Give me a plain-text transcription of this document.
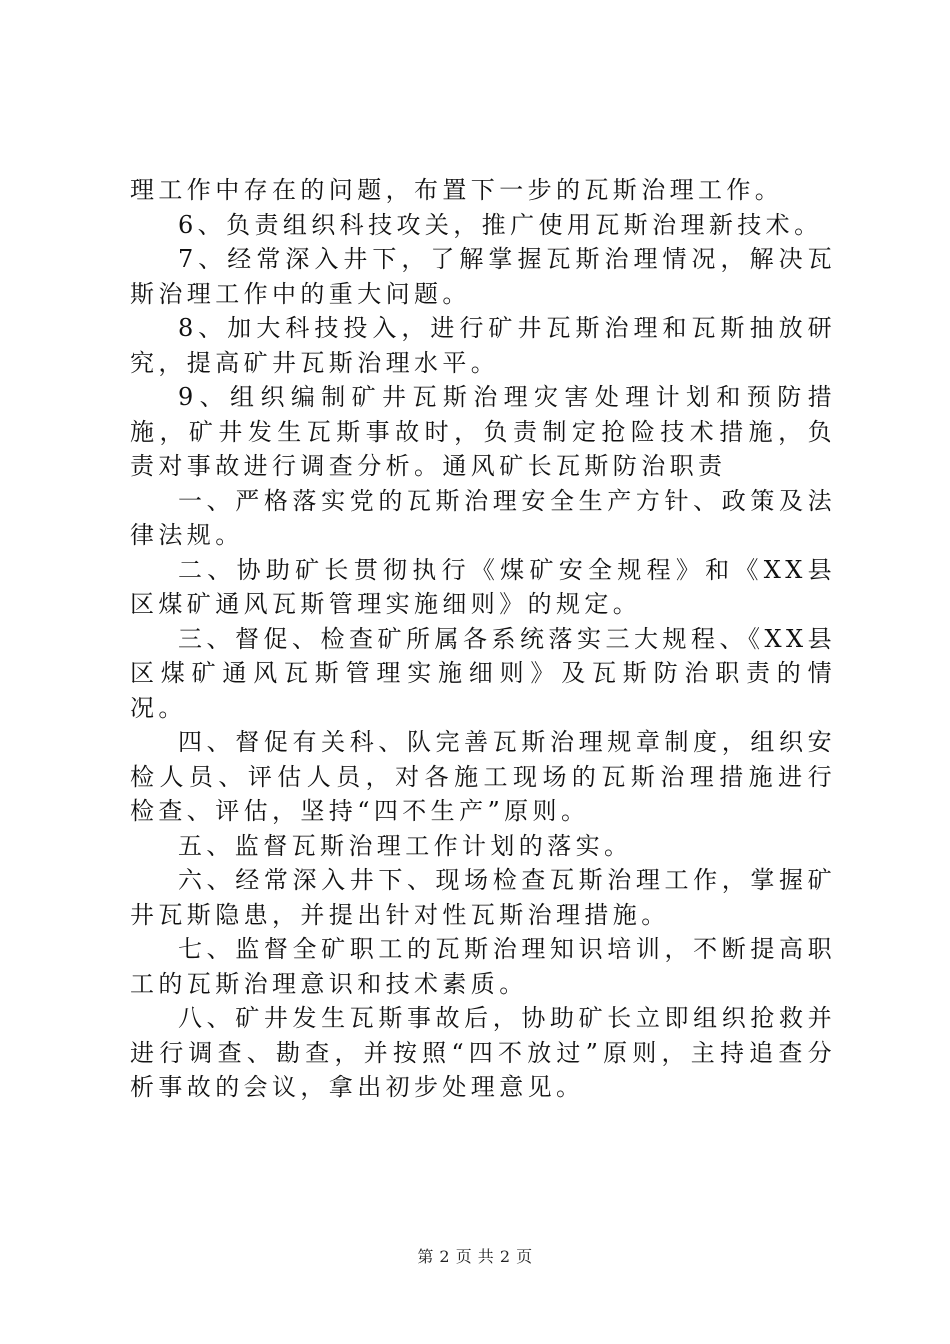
理工作中存在的问题，布置下一步的瓦斯治理工作。

6、负责组织科技攻关，推广使用瓦斯治理新技术。

7、经常深入井下，了解掌握瓦斯治理情况，解决瓦斯治理工作中的重大问题。

8、加大科技投入，进行矿井瓦斯治理和瓦斯抽放研究，提高矿井瓦斯治理水平。

9、组织编制矿井瓦斯治理灾害处理计划和预防措施，矿井发生瓦斯事故时，负责制定抢险技术措施，负责对事故进行调查分析。通风矿长瓦斯防治职责

一、严格落实党的瓦斯治理安全生产方针、政策及法律法规。

二、协助矿长贯彻执行《煤矿安全规程》和《XX县区煤矿通风瓦斯管理实施细则》的规定。

三、督促、检查矿所属各系统落实三大规程、《XX县区煤矿通风瓦斯管理实施细则》及瓦斯防治职责的情况。

四、督促有关科、队完善瓦斯治理规章制度，组织安检人员、评估人员，对各施工现场的瓦斯治理措施进行检查、评估，坚持“四不生产”原则。

五、监督瓦斯治理工作计划的落实。

六、经常深入井下、现场检查瓦斯治理工作，掌握矿井瓦斯隐患，并提出针对性瓦斯治理措施。

七、监督全矿职工的瓦斯治理知识培训，不断提高职工的瓦斯治理意识和技术素质。

八、矿井发生瓦斯事故后，协助矿长立即组织抢救并进行调查、勘查，并按照“四不放过”原则，主持追查分析事故的会议，拿出初步处理意见。

第 2 页 共 2 页
